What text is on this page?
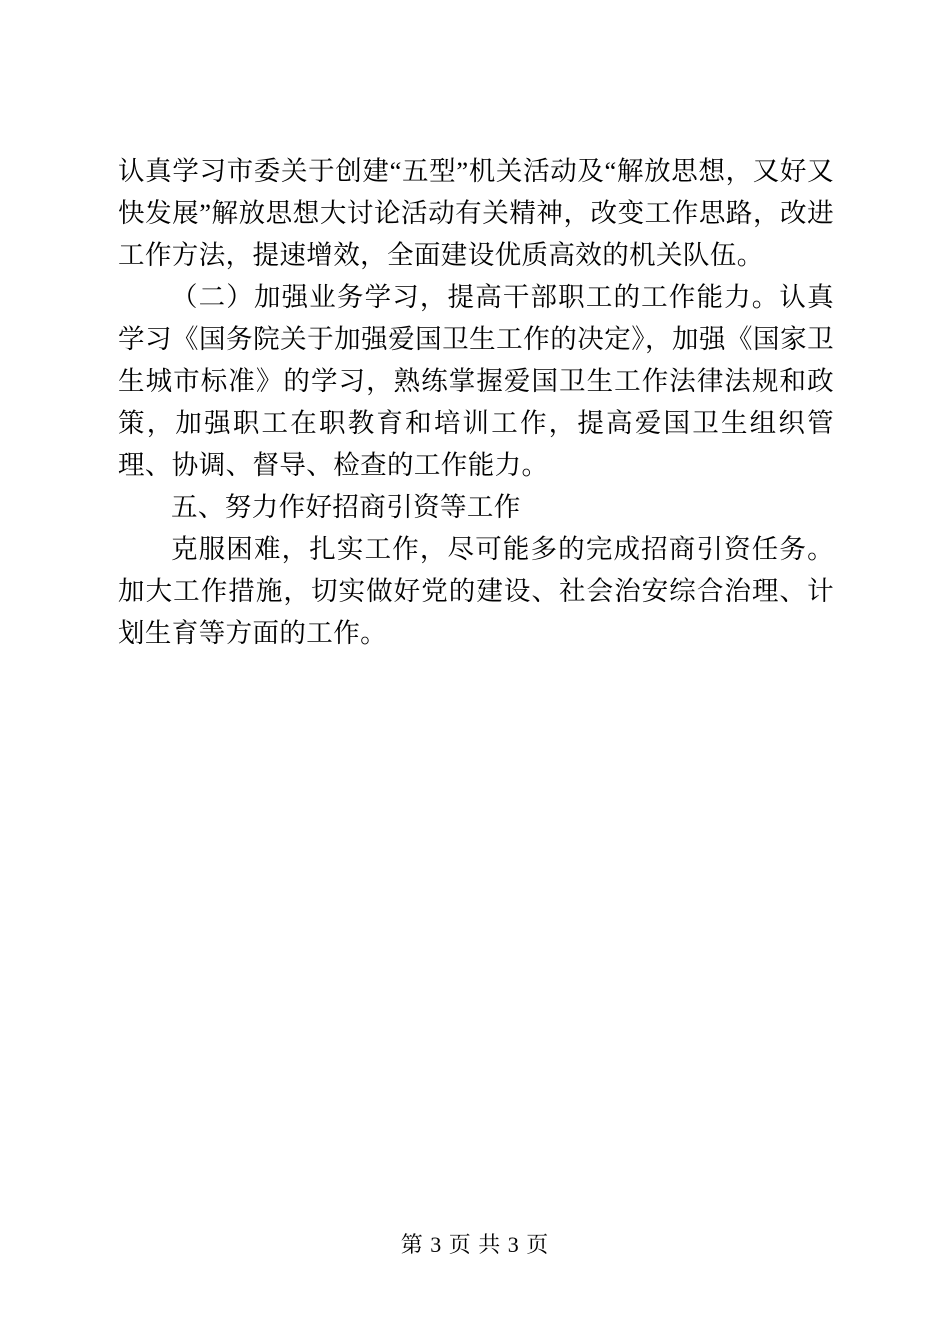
认真学习市委关于创建“五型”机关活动及“解放思想，又好又快发展”解放思想大讨论活动有关精神，改变工作思路，改进工作方法，提速增效，全面建设优质高效的机关队伍。

（二）加强业务学习，提高干部职工的工作能力。认真学习《国务院关于加强爱国卫生工作的决定》，加强《国家卫生城市标准》的学习，熟练掌握爱国卫生工作法律法规和政策，加强职工在职教育和培训工作，提高爱国卫生组织管理、协调、督导、检查的工作能力。

五、努力作好招商引资等工作

克服困难，扎实工作，尽可能多的完成招商引资任务。加大工作措施，切实做好党的建设、社会治安综合治理、计划生育等方面的工作。

第 3 页 共 3 页
